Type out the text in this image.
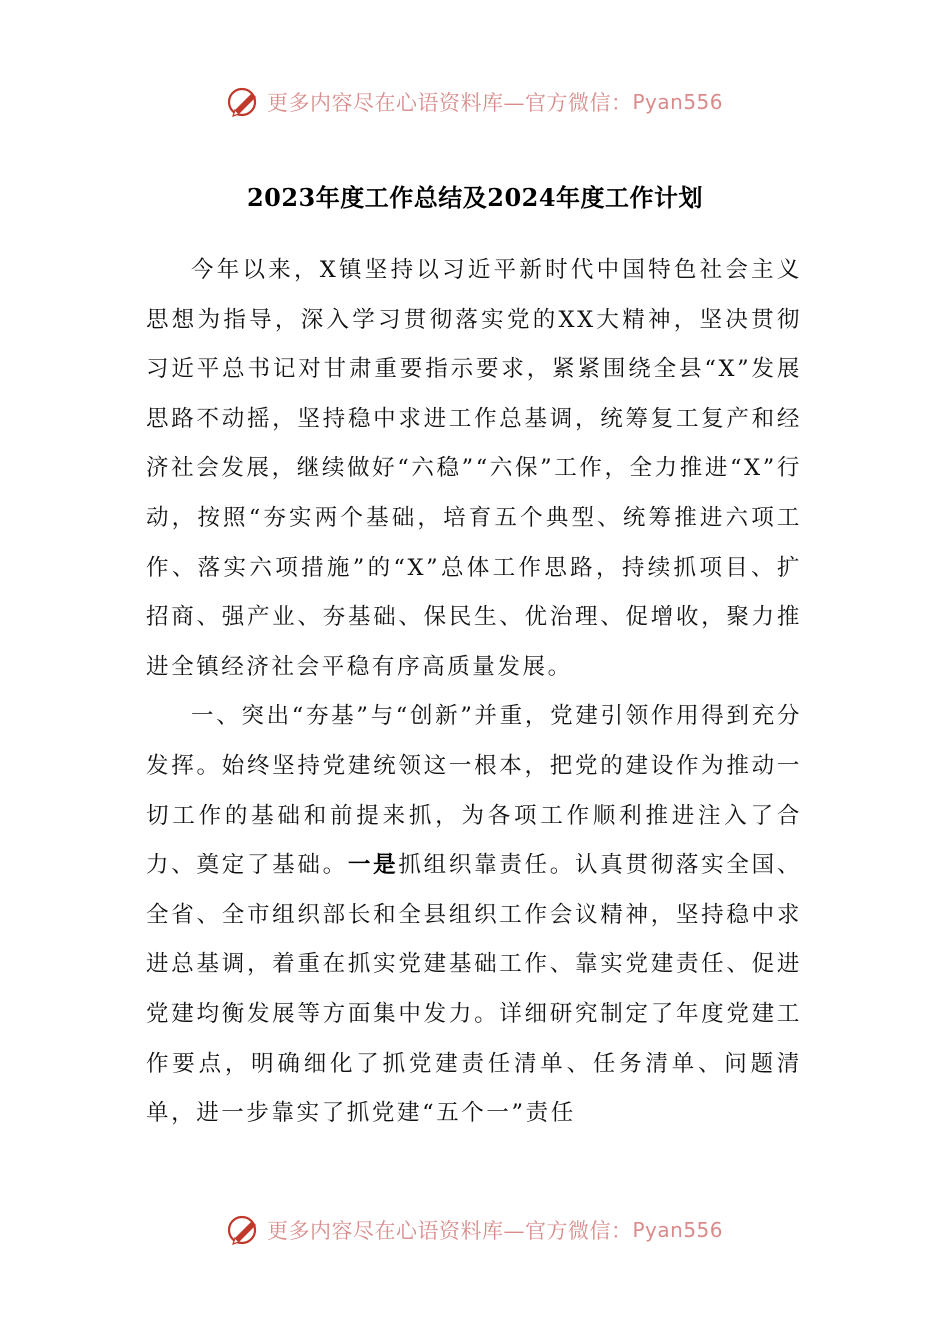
更多内容尽在心语资料库—官方微信： Pyan556
2023年度工作总结及2024年度工作计划

今年以来，X镇坚持以习近平新时代中国特色社会主义思想为指导，深入学习贯彻落实党的XX大精神，坚决贯彻习近平总书记对甘肃重要指示要求，紧紧围绕全县“X”发展思路不动摇，坚持稳中求进工作总基调，统筹复工复产和经济社会发展，继续做好“六稳”“六保”工作，全力推进“X”行动，按照“夯实两个基础，培育五个典型、统筹推进六项工作、落实六项措施”的“X”总体工作思路，持续抓项目、扩招商、强产业、夯基础、保民生、优治理、促增收，聚力推进全镇经济社会平稳有序高质量发展。

一、突出“夯基”与“创新”并重，党建引领作用得到充分发挥。始终坚持党建统领这一根本，把党的建设作为推动一切工作的基础和前提来抓，为各项工作顺利推进注入了合力、奠定了基础。一是抓组织靠责任。认真贯彻落实全国、全省、全市组织部长和全县组织工作会议精神，坚持稳中求进总基调，着重在抓实党建基础工作、靠实党建责任、促进党建均衡发展等方面集中发力。详细研究制定了年度党建工作要点，明确细化了抓党建责任清单、任务清单、问题清单，进一步靠实了抓党建“五个一”责任

更多内容尽在心语资料库—官方微信： Pyan556
